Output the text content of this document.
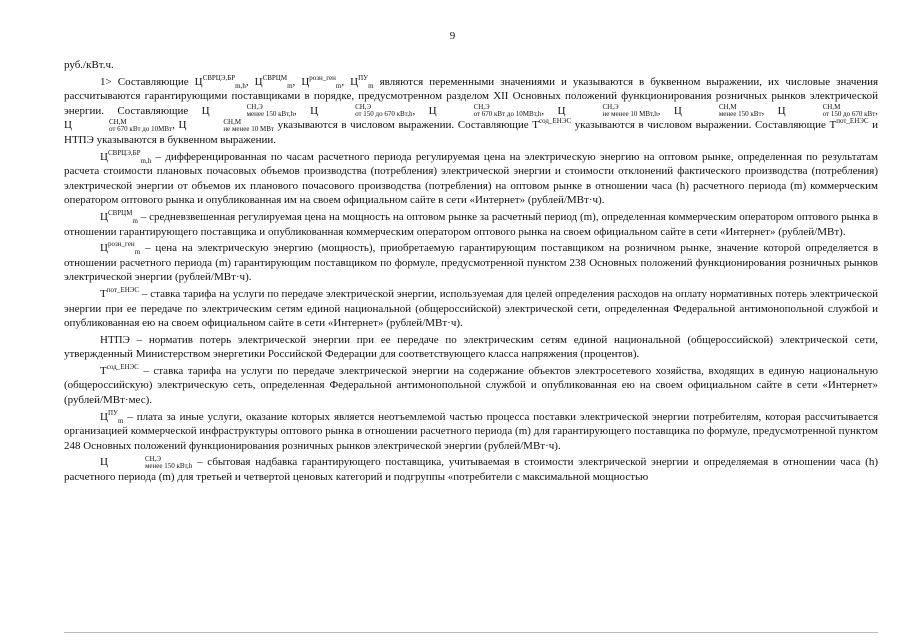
9

руб./кВт.ч.

1> Составляющие $Ц^{СВРЦЭ,БР}_{m,h}$, $Ц^{СВРЦМ}_m$, $Ц^{розн\_ген}_m$, $Ц^{ПУ}_m$ являются переменными значениями и указываются в буквенном выражении, их числовые значения рассчитываются гарантирующими поставщиками в порядке, предусмотренном разделом XII Основных положений функционирования розничных рынков электрической энергии. Составляющие Ц	СН,Э
менее 150 кВт,h , Ц	СН,Э
от 150 до 670 кВт,h , Ц	СН,Э
от 670 кВт до 10МВт,h , Ц	СН,Э
не менее 10 МВт,h , Ц	СН,М
менее 150 кВт , Ц	СН,М
от 150 до 670 кВт , Ц	СН,М
от 670 кВт до 10МВт , Ц	СН,М
не менее 10 МВт указываются в числовом выражении. Составляющие $Т^{сод\_ЕНЭС}$ указываются в числовом выражении. Составляющие $Т^{пот\_ЕНЭС}$ и НТПЭ указываются в буквенном выражении.

$Ц^{СВРЦЭ,БР}_{m,h}$ – дифференцированная по часам расчетного периода регулируемая цена на электрическую энергию на оптовом рынке, определенная по результатам расчета стоимости плановых почасовых объемов производства (потребления) электрической энергии и стоимости отклонений фактического производства (потребления) электрической энергии от объемов их планового почасового производства (потребления) на оптовом рынке в отношении часа (h) расчетного периода (m) коммерческим оператором оптового рынка и опубликованная им на своем официальном сайте в сети «Интернет» (рублей/МВт·ч).

$Ц^{СВРЦМ}_m$ – средневзвешенная регулируемая цена на мощность на оптовом рынке за расчетный период (m), определенная коммерческим оператором оптового рынка в отношении гарантирующего поставщика и опубликованная коммерческим оператором оптового рынка на своем официальном сайте в сети «Интернет» (рублей/МВт).

$Ц^{розн\_ген}_m$ – цена на электрическую энергию (мощность), приобретаемую гарантирующим поставщиком на розничном рынке, значение которой определяется в отношении расчетного периода (m) гарантирующим поставщиком по формуле, предусмотренной пунктом 238 Основных положений функционирования розничных рынков электрической энергии (рублей/МВт·ч).

$Т^{пот\_ЕНЭС}$ – ставка тарифа на услуги по передаче электрической энергии, используемая для целей определения расходов на оплату нормативных потерь электрической энергии при ее передаче по электрическим сетям единой национальной (общероссийской) электрической сети, определенная Федеральной антимонопольной службой и опубликованная ею на своем официальном сайте в сети «Интернет» (рублей/МВт·ч).

НТПЭ – норматив потерь электрической энергии при ее передаче по электрическим сетям единой национальной (общероссийской) электрической сети, утвержденный Министерством энергетики Российской Федерации для соответствующего класса напряжения (процентов).

$Т^{сод\_ЕНЭС}$ – ставка тарифа на услуги по передаче электрической энергии на содержание объектов электросетевого хозяйства, входящих в единую национальную (общероссийскую) электрическую сеть, определенная Федеральной антимонопольной службой и опубликованная ею на своем официальном сайте в сети «Интернет» (рублей/МВт·мес).

$Ц^{ПУ}_m$ – плата за иные услуги, оказание которых является неотъемлемой частью процесса поставки электрической энергии потребителям, которая рассчитывается организацией коммерческой инфраструктуры оптового рынка в отношении расчетного периода (m) для гарантирующего поставщика по формуле, предусмотренной пунктом 248 Основных положений функционирования розничных рынков электрической энергии (рублей/МВт·ч).

Ц	СН,Э
менее 150 кВт,h – сбытовая надбавка гарантирующего поставщика, учитываемая в стоимости электрической энергии и определяемая в отношении часа (h) расчетного периода (m) для третьей и четвертой ценовых категорий и подгруппы «потребители с максимальной мощностью
